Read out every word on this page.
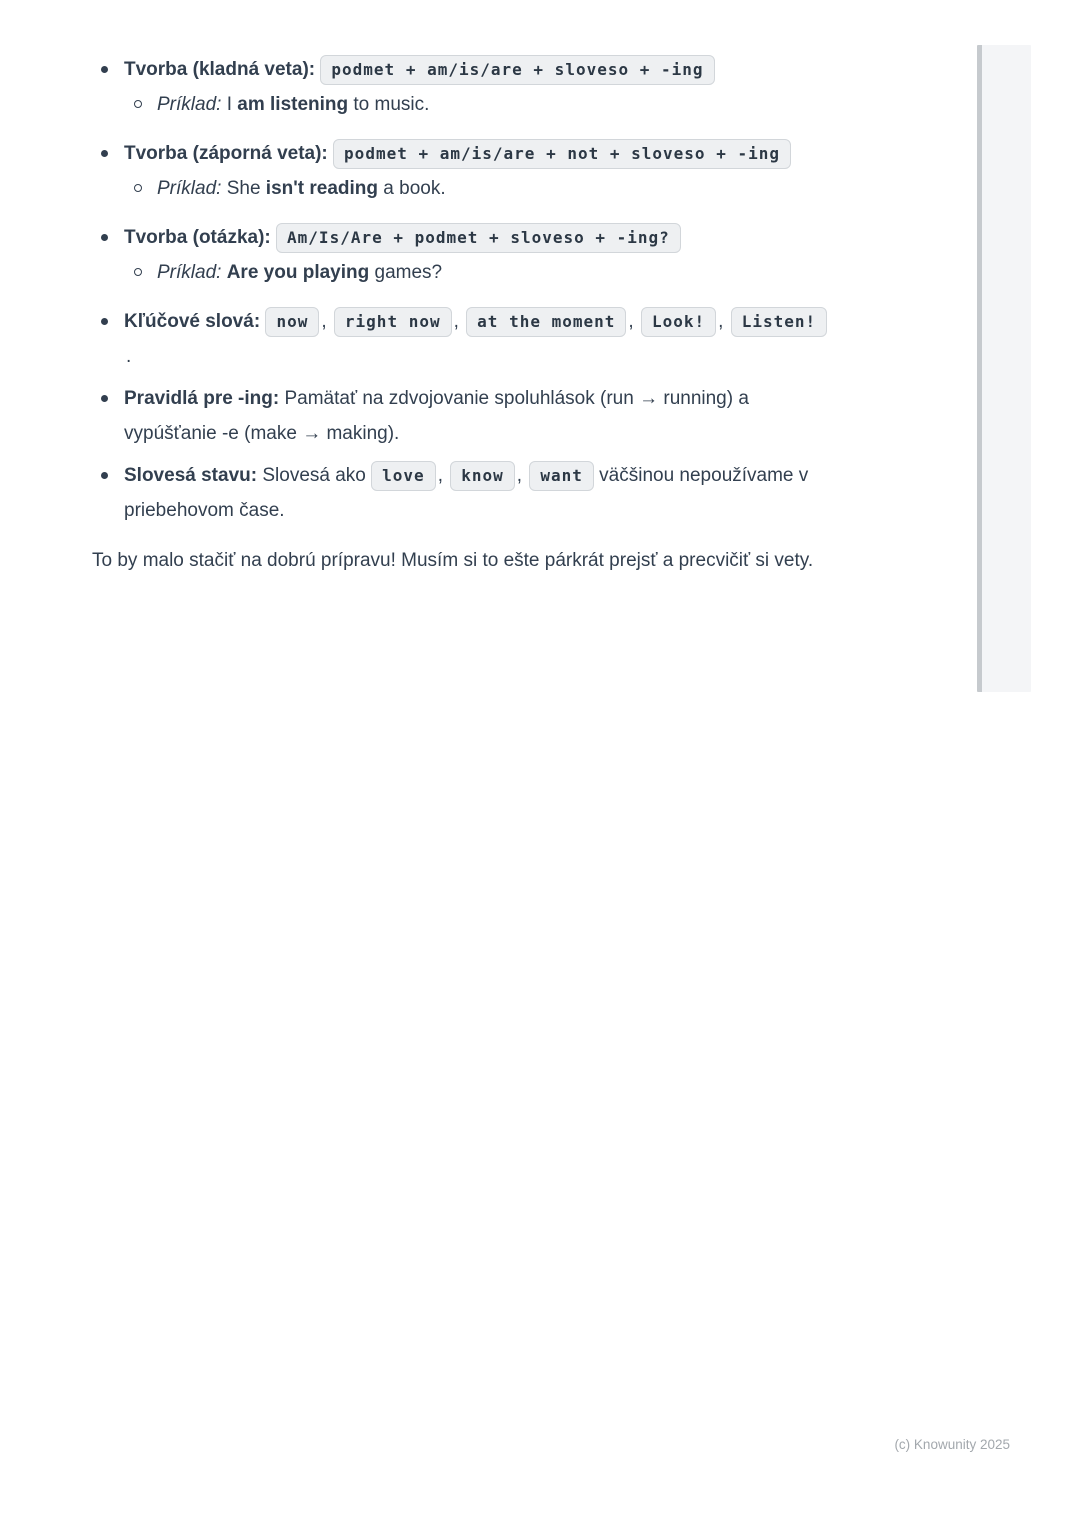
Tvorba (kladná veta): podmet + am/is/are + sloveso + -ing
Príklad: I am listening to music.
Tvorba (záporná veta): podmet + am/is/are + not + sloveso + -ing
Príklad: She isn't reading a book.
Tvorba (otázka): Am/Is/Are + podmet + sloveso + -ing?
Príklad: Are you playing games?
Kľúčové slová: now , right now , at the moment , Look! , Listen!.
Pravidlá pre -ing: Pamätať na zdvojovanie spoluhlások (run → running) a vypúšťanie -e (make → making).
Slovesá stavu: Slovesá ako love , know , want väčšinou nepoužívame v priebehovom čase.

To by malo stačiť na dobrú prípravu! Musím si to ešte párkrát prejsť a precvičiť si vety.

(c) Knowunity 2025
